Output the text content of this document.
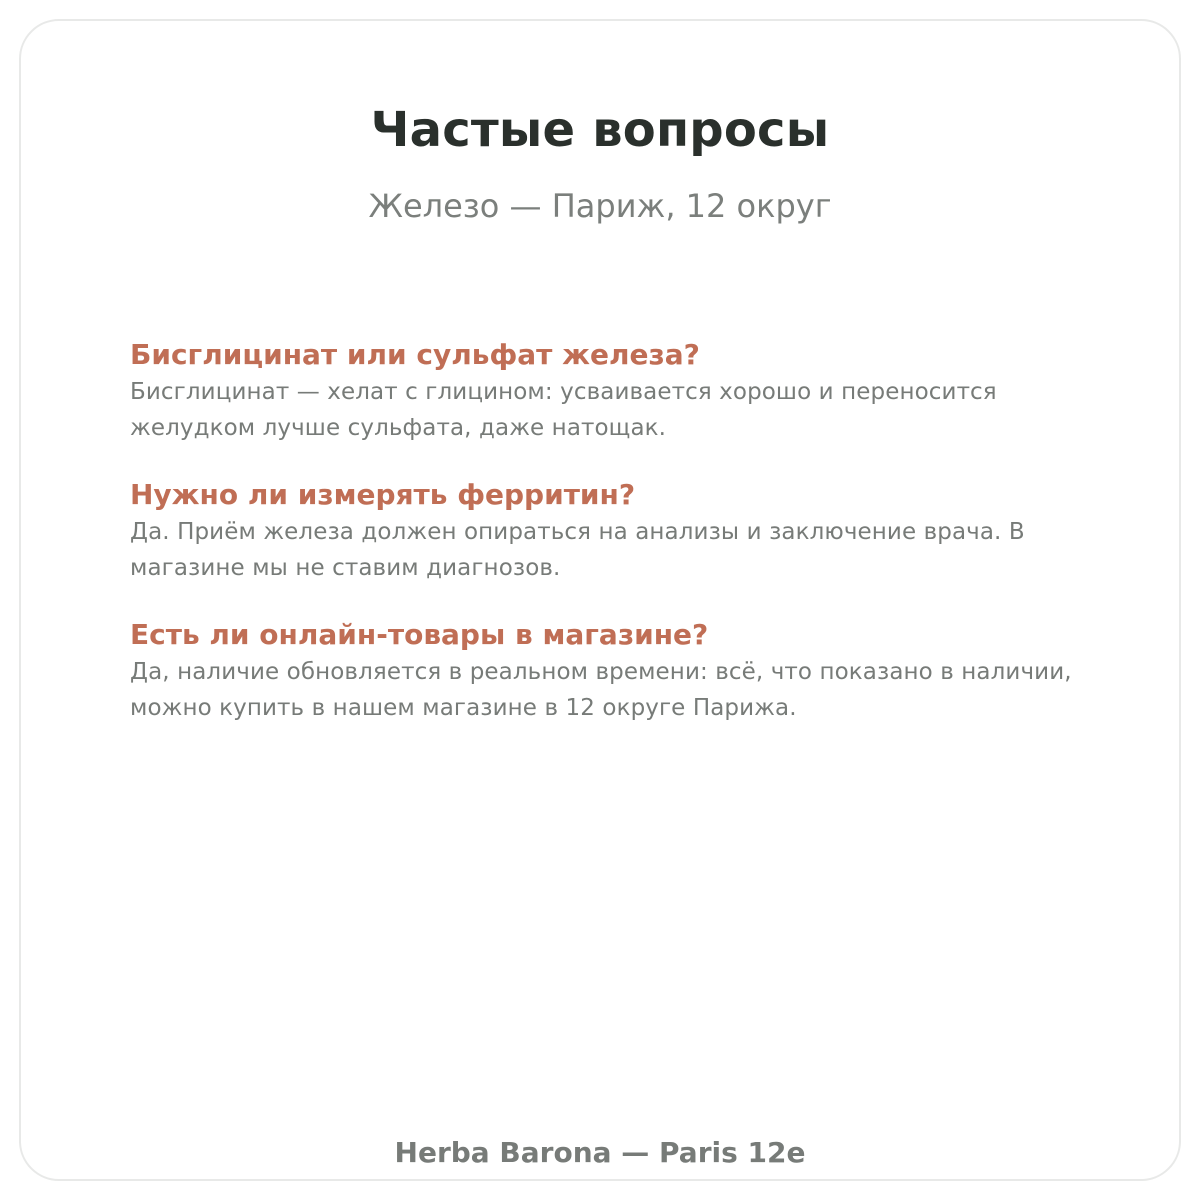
Частые вопросы

Железо — Париж, 12 округ

Бисглицинат или сульфат железа?

Бисглицинат — хелат с глицином: усваивается хорошо и переносится желудком лучше сульфата, даже натощак.

Нужно ли измерять ферритин?

Да. Приём железа должен опираться на анализы и заключение врача. В магазине мы не ставим диагнозов.

Есть ли онлайн-товары в магазине?

Да, наличие обновляется в реальном времени: всё, что показано в наличии, можно купить в нашем магазине в 12 округе Парижа.

Herba Barona — Paris 12e
